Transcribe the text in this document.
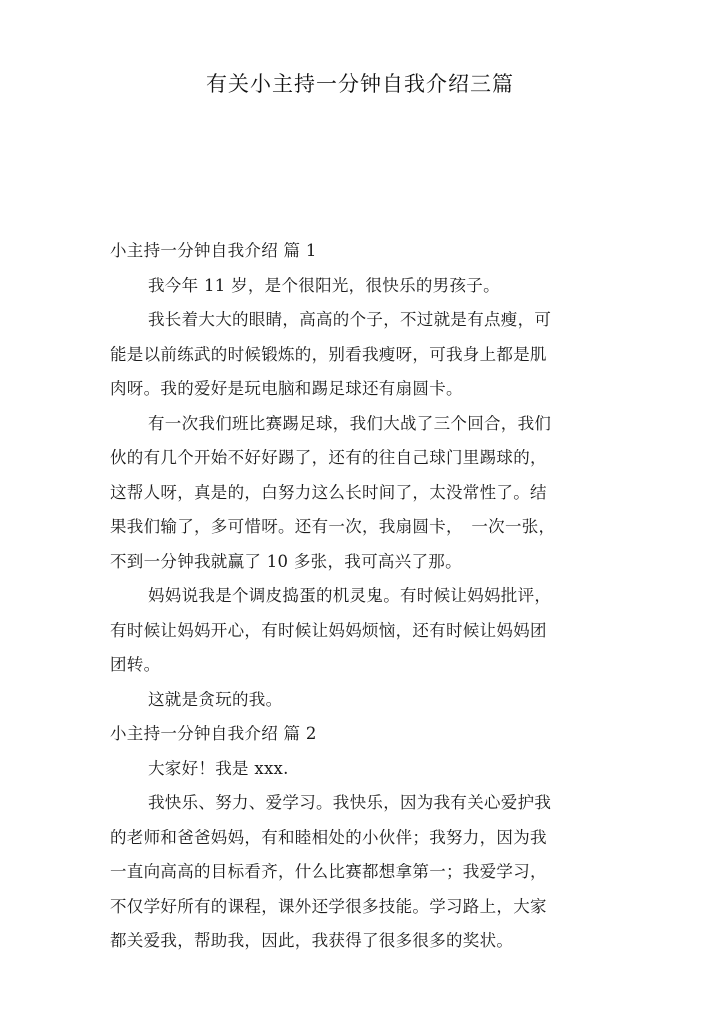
有关小主持一分钟自我介绍三篇
小主持一分钟自我介绍 篇 1
我今年 11 岁，是个很阳光，很快乐的男孩子。
我长着大大的眼睛，高高的个子，不过就是有点瘦，可
能是以前练武的时候锻炼的，别看我瘦呀，可我身上都是肌
肉呀。我的爱好是玩电脑和踢足球还有扇圆卡。
有一次我们班比赛踢足球，我们大战了三个回合，我们
伙的有几个开始不好好踢了，还有的往自己球门里踢球的，
这帮人呀，真是的，白努力这么长时间了，太没常性了。结
果我们输了，多可惜呀。还有一次，我扇圆卡，　一次一张，
不到一分钟我就赢了 10 多张，我可高兴了那。
妈妈说我是个调皮捣蛋的机灵鬼。有时候让妈妈批评，
有时候让妈妈开心，有时候让妈妈烦恼，还有时候让妈妈团
团转。
这就是贪玩的我。
小主持一分钟自我介绍 篇 2
大家好！我是 xxx.
我快乐、努力、爱学习。我快乐，因为我有关心爱护我
的老师和爸爸妈妈，有和睦相处的小伙伴；我努力，因为我
一直向高高的目标看齐，什么比赛都想拿第一；我爱学习，
不仅学好所有的课程，课外还学很多技能。学习路上，大家
都关爱我，帮助我，因此，我获得了很多很多的奖状。
